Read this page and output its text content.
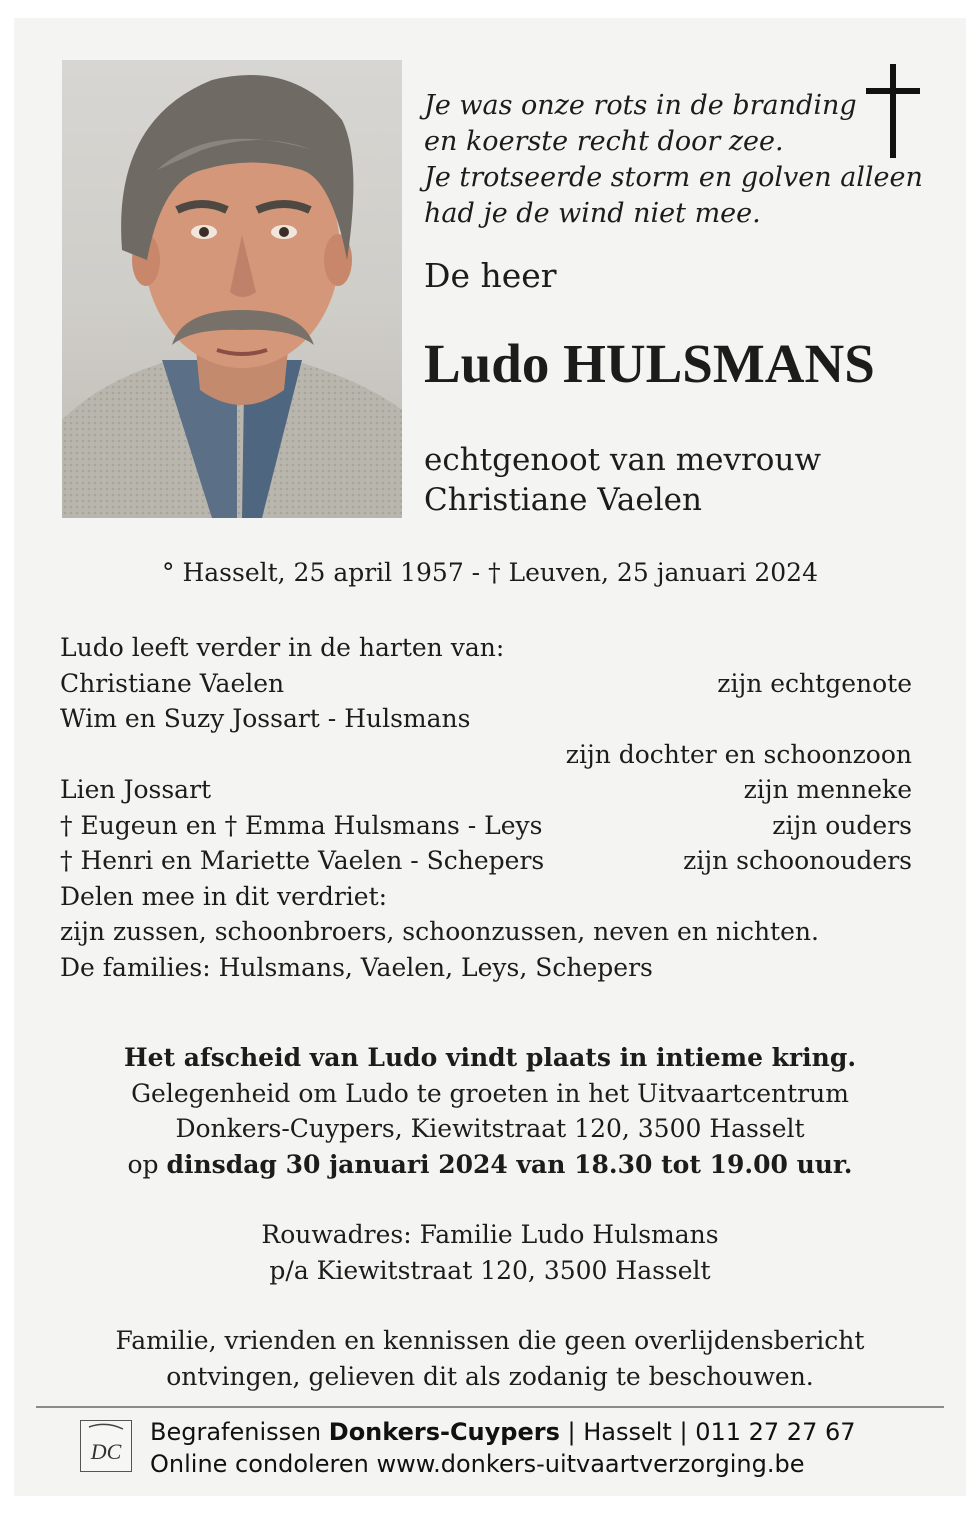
Je was onze rots in de branding
en koerste recht door zee.
Je trotseerde storm en golven alleen
had je de wind niet mee.
De heer
Ludo HULSMANS
echtgenoot van mevrouw
Christiane Vaelen
° Hasselt, 25 april 1957 - † Leuven, 25 januari 2024
Ludo leeft verder in de harten van:
Christiane Vaelen	zijn echtgenote
Wim en Suzy Jossart - Hulsmans
zijn dochter en schoonzoon
Lien Jossart	zijn menneke
† Eugeun en † Emma Hulsmans - Leys	zijn ouders
† Henri en Mariette Vaelen - Schepers	zijn schoonouders
Delen mee in dit verdriet:
zijn zussen, schoonbroers, schoonzussen, neven en nichten.
De families: Hulsmans, Vaelen, Leys, Schepers
Het afscheid van Ludo vindt plaats in intieme kring.
Gelegenheid om Ludo te groeten in het Uitvaartcentrum
Donkers-Cuypers, Kiewitstraat 120, 3500 Hasselt
op dinsdag 30 januari 2024 van 18.30 tot 19.00 uur.
Rouwadres: Familie Ludo Hulsmans
p/a Kiewitstraat 120, 3500 Hasselt
Familie, vrienden en kennissen die geen overlijdensbericht
ontvingen, gelieven dit als zodanig te beschouwen.
DC
Begrafenissen Donkers-Cuypers | Hasselt | 011 27 27 67
Online condoleren www.donkers-uitvaartverzorging.be
